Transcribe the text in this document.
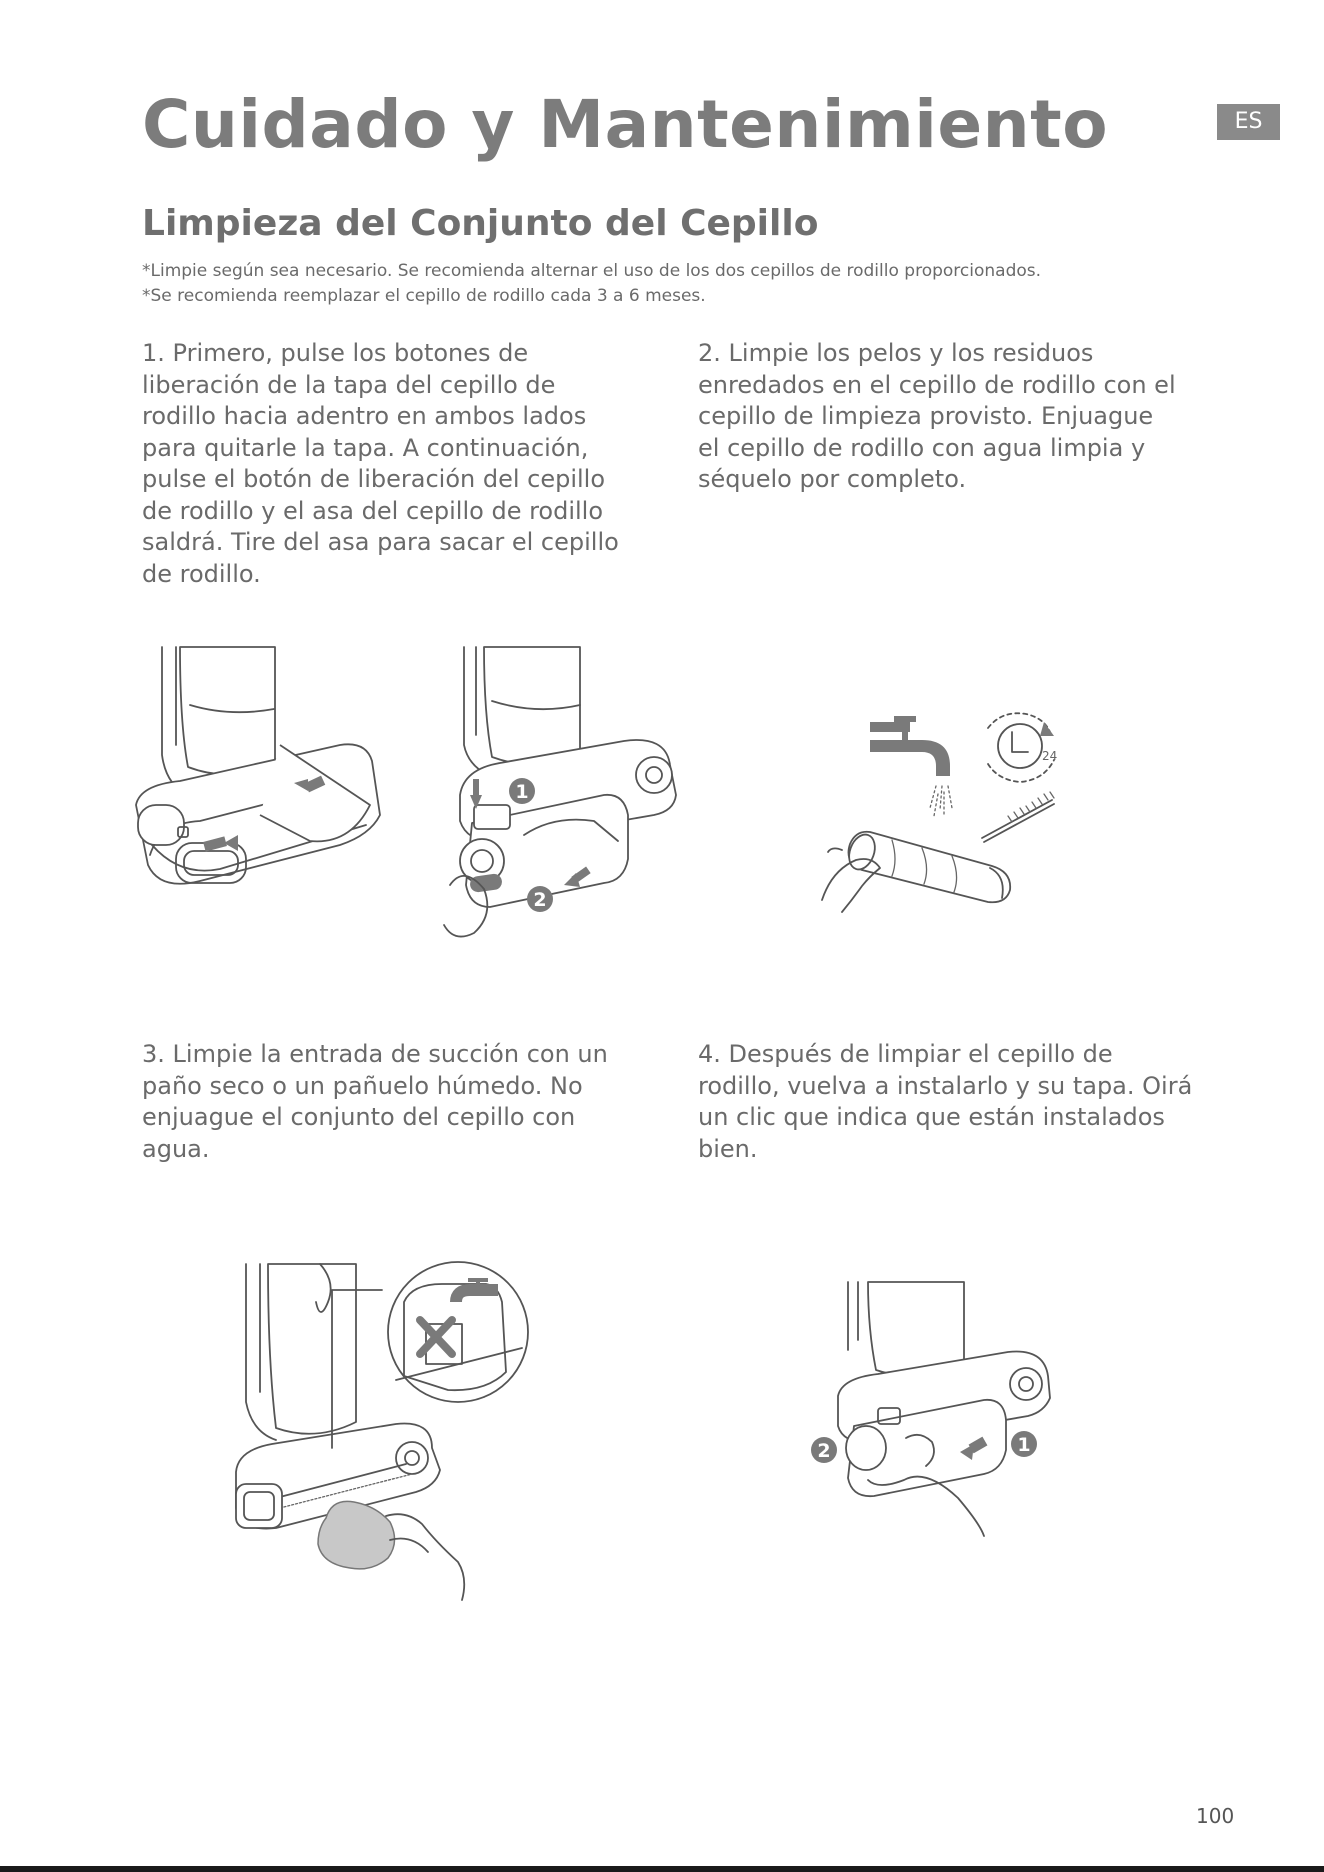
Cuidado y Mantenimiento	ES
Limpieza del Conjunto del Cepillo
*Limpie según sea necesario. Se recomienda alternar el uso de los dos cepillos de rodillo proporcionados.
*Se recomienda reemplazar el cepillo de rodillo cada 3 a 6 meses.
1. Primero, pulse los botones de
liberación de la tapa del cepillo de
rodillo hacia adentro en ambos lados
para quitarle la tapa. A continuación,
pulse el botón de liberación del cepillo
de rodillo y el asa del cepillo de rodillo
saldrá. Tire del asa para sacar el cepillo
de rodillo.
2. Limpie los pelos y los residuos
enredados en el cepillo de rodillo con el
cepillo de limpieza provisto. Enjuague
el cepillo de rodillo con agua limpia y
séquelo por completo.
1
2
24
3. Limpie la entrada de succión con un
paño seco o un pañuelo húmedo. No
enjuague el conjunto del cepillo con
agua.
4. Después de limpiar el cepillo de
rodillo, vuelva a instalarlo y su tapa. Oirá
un clic que indica que están instalados
bien.
1
2
100
